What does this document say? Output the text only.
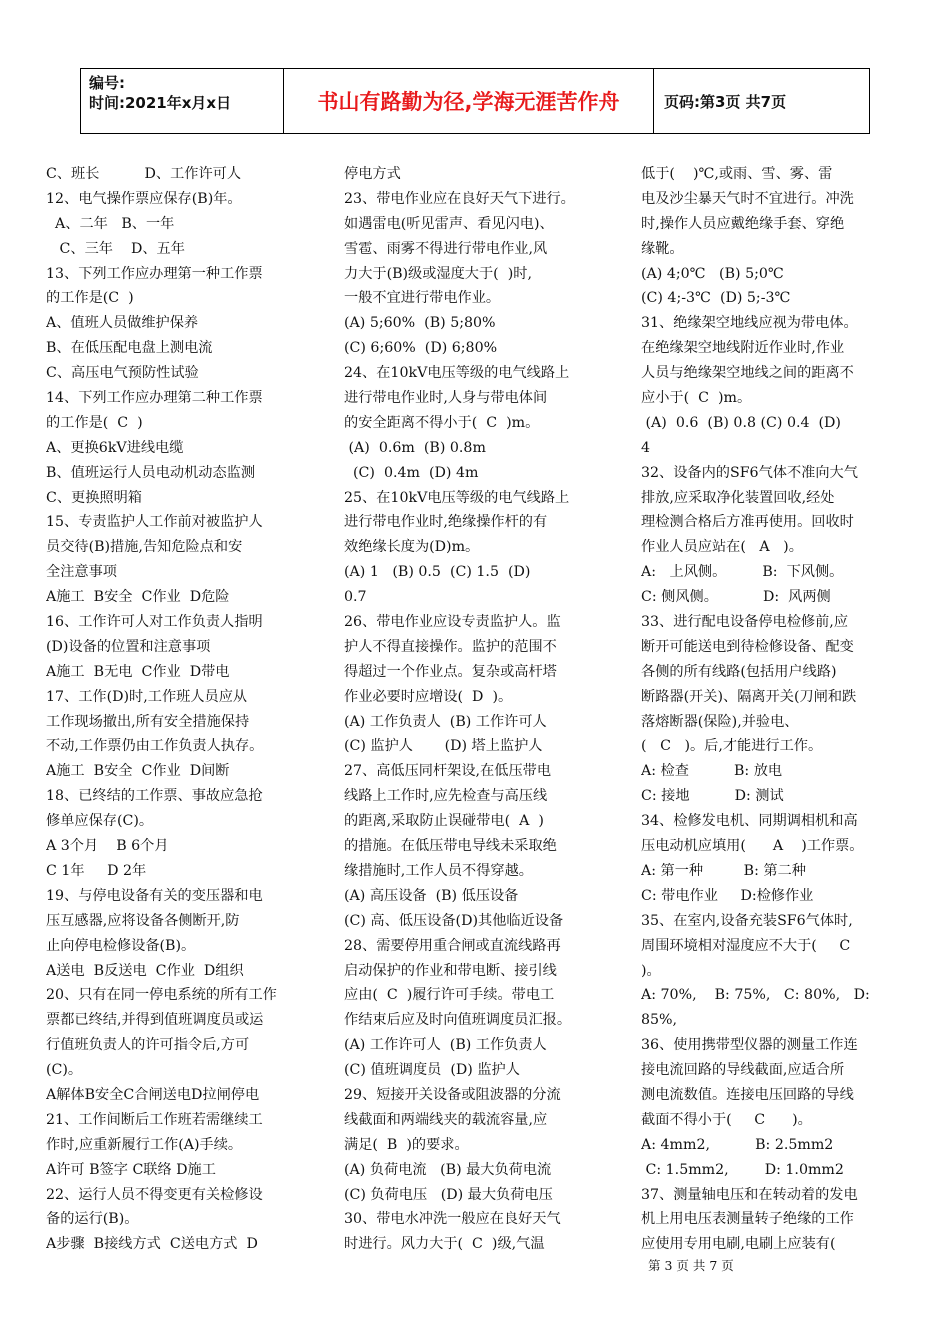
编号:
时间:2021年x月x日	书山有路勤为径,学海无涯苦作舟	页码:第3页 共7页
C、班长          D、工作许可人
12、电气操作票应保存(B)年。
A、二年   B、一年
C、三年    D、五年
13、下列工作应办理第一种工作票
的工作是(C  )
A、值班人员做维护保养
B、在低压配电盘上测电流
C、高压电气预防性试验
14、下列工作应办理第二种工作票
的工作是(  C  )
A、更换6kV进线电缆
B、值班运行人员电动机动态监测
C、更换照明箱
15、专责监护人工作前对被监护人
员交待(B)措施,告知危险点和安
全注意事项
A施工  B安全  C作业  D危险
16、工作许可人对工作负责人指明
(D)设备的位置和注意事项
A施工  B无电  C作业  D带电
17、工作(D)时,工作班人员应从
工作现场撤出,所有安全措施保持
不动,工作票仍由工作负责人执存。
A施工  B安全  C作业  D间断
18、已终结的工作票、事故应急抢
修单应保存(C)。
A 3个月    B 6个月
C 1年     D 2年
19、与停电设备有关的变压器和电
压互感器,应将设备各侧断开,防
止向停电检修设备(B)。
A送电  B反送电  C作业  D组织
20、只有在同一停电系统的所有工作
票都已终结,并得到值班调度员或运
行值班负责人的许可指令后,方可
(C)。
A解体B安全C合闸送电D拉闸停电
21、工作间断后工作班若需继续工
作时,应重新履行工作(A)手续。
A许可 B签字 C联络 D施工
22、运行人员不得变更有关检修设
备的运行(B)。
A步骤  B接线方式  C送电方式  D
停电方式
23、带电作业应在良好天气下进行。
如遇雷电(听见雷声、看见闪电)、
雪雹、雨雾不得进行带电作业,风
力大于(B)级或湿度大于(  )时,
一般不宜进行带电作业。
(A) 5;60%  (B) 5;80%
(C) 6;60%  (D) 6;80%
24、在10kV电压等级的电气线路上
进行带电作业时,人身与带电体间
的安全距离不得小于(  C  )m。
(A)  0.6m  (B) 0.8m
(C)  0.4m  (D) 4m
25、在10kV电压等级的电气线路上
进行带电作业时,绝缘操作杆的有
效绝缘长度为(D)m。
(A) 1   (B) 0.5  (C) 1.5  (D)
0.7
26、带电作业应设专责监护人。监
护人不得直接操作。监护的范围不
得超过一个作业点。复杂或高杆塔
作业必要时应增设(  D  )。
(A) 工作负责人  (B) 工作许可人
(C) 监护人       (D) 塔上监护人
27、高低压同杆架设,在低压带电
线路上工作时,应先检查与高压线
的距离,采取防止误碰带电(  A  )
的措施。在低压带电导线未采取绝
缘措施时,工作人员不得穿越。
(A) 高压设备  (B) 低压设备
(C) 高、低压设备(D)其他临近设备
28、需要停用重合闸或直流线路再
启动保护的作业和带电断、接引线
应由(  C  )履行许可手续。带电工
作结束后应及时向值班调度员汇报。
(A) 工作许可人  (B) 工作负责人
(C) 值班调度员  (D) 监护人
29、短接开关设备或阻波器的分流
线截面和两端线夹的载流容量,应
满足(  B  )的要求。
(A) 负荷电流   (B) 最大负荷电流
(C) 负荷电压   (D) 最大负荷电压
30、带电水冲洗一般应在良好天气
时进行。风力大于(  C  )级,气温
低于(    )℃,或雨、雪、雾、雷
电及沙尘暴天气时不宜进行。冲洗
时,操作人员应戴绝缘手套、穿绝
缘靴。
(A) 4;0℃   (B) 5;0℃
(C) 4;-3℃  (D) 5;-3℃
31、绝缘架空地线应视为带电体。
在绝缘架空地线附近作业时,作业
人员与绝缘架空地线之间的距离不
应小于(  C  )m。
(A)  0.6  (B) 0.8 (C) 0.4  (D)
4
32、设备内的SF6气体不准向大气
排放,应采取净化装置回收,经处
理检测合格后方准再使用。回收时
作业人员应站在(   A   )。
A:   上风侧。        B:  下风侧。
C: 侧风侧。          D:  风两侧
33、进行配电设备停电检修前,应
断开可能送电到待检修设备、配变
各侧的所有线路(包括用户线路)
断路器(开关)、隔离开关(刀闸和跌
落熔断器(保险),并验电、
(   C   )。后,才能进行工作。
A: 检查          B: 放电
C: 接地          D: 测试
34、检修发电机、同期调相机和高
压电动机应填用(      A    )工作票。
A: 第一种         B: 第二种
C: 带电作业     D:检修作业
35、在室内,设备充装SF6气体时,
周围环境相对湿度应不大于(     C
)。
A: 70%,    B: 75%,   C: 80%,   D:
85%,
36、使用携带型仪器的测量工作连
接电流回路的导线截面,应适合所
测电流数值。连接电压回路的导线
截面不得小于(     C      )。
A: 4mm2,          B: 2.5mm2
C: 1.5mm2,        D: 1.0mm2
37、测量轴电压和在转动着的发电
机上用电压表测量转子绝缘的工作
应使用专用电刷,电刷上应装有(
第 3 页 共 7 页
